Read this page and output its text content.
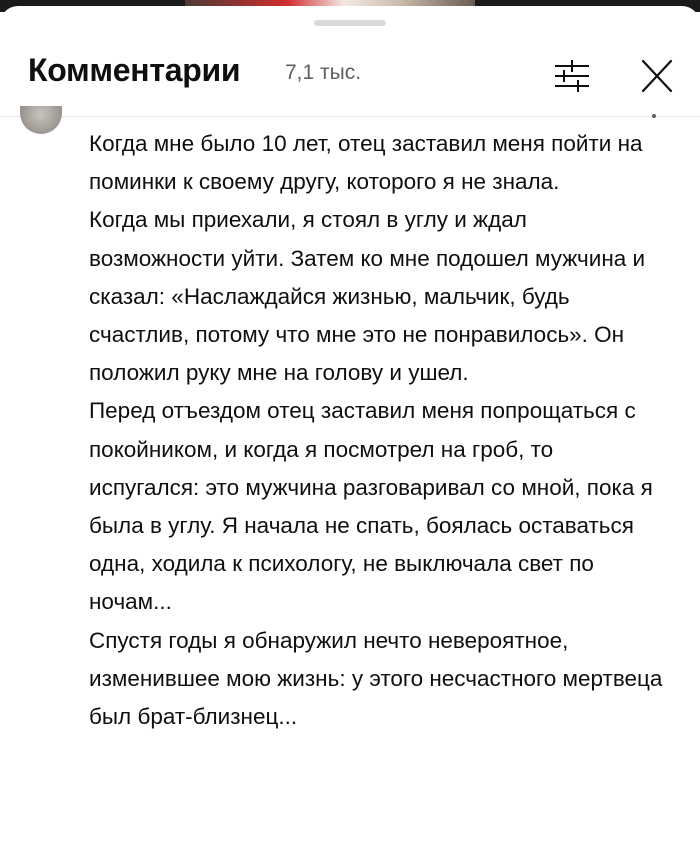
Комментарии 7,1 тыс.

Когда мне было 10 лет, отец заставил меня пойти на поминки к своему другу, которого я не знала.

Когда мы приехали, я стоял в углу и ждал возможности уйти. Затем ко мне подошел мужчина и сказал: «Наслаждайся жизнью, мальчик, будь счастлив, потому что мне это не понравилось». Он положил руку мне на голову и ушел.

Перед отъездом отец заставил меня попрощаться с покойником, и когда я посмотрел на гроб, то испугался: это мужчина разговаривал со мной, пока я была в углу. Я начала не спать, боялась оставаться одна, ходила к психологу, не выключала свет по ночам...

Спустя годы я обнаружил нечто невероятное, изменившее мою жизнь: у этого несчастного мертвеца был брат-близнец...
